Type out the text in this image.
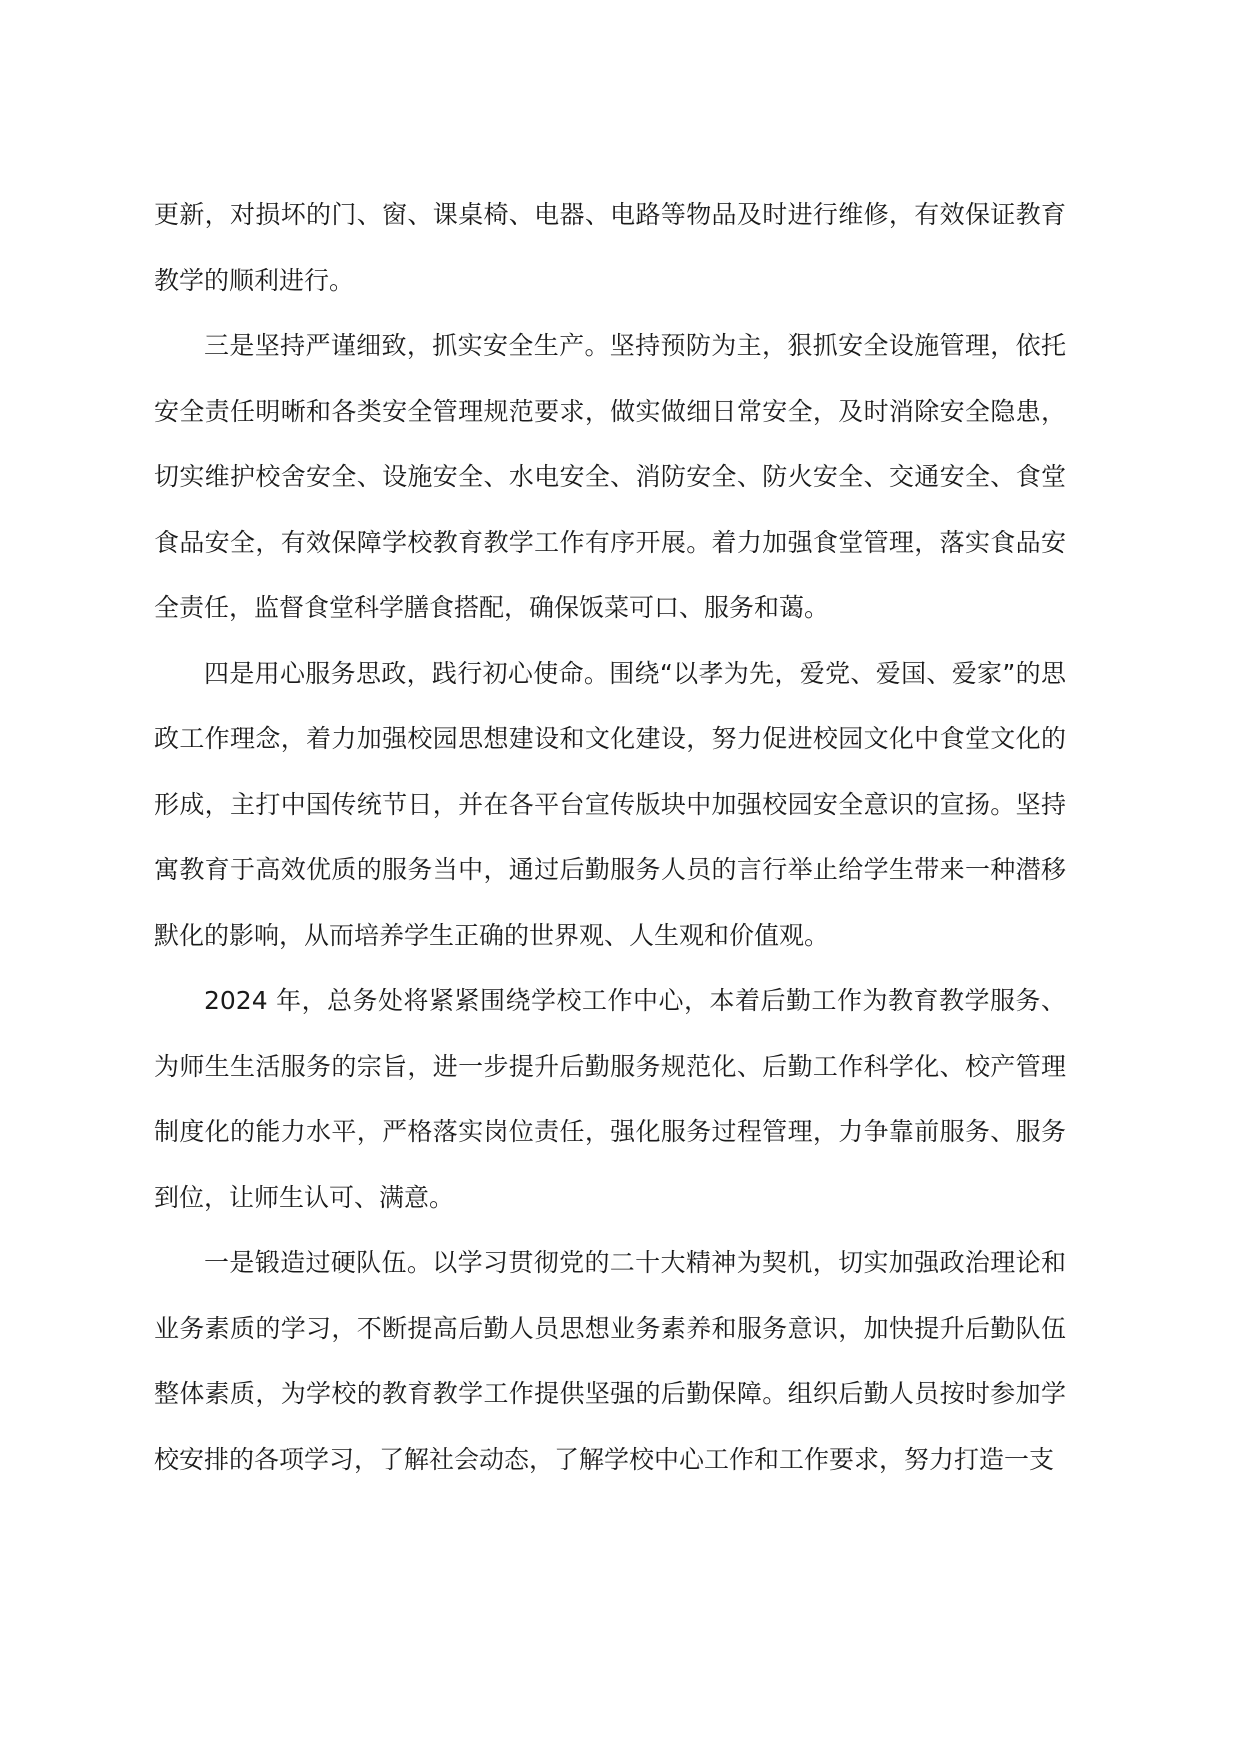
更新，对损坏的门、窗、课桌椅、电器、电路等物品及时进行维修，有效保证教育教学的顺利进行。

三是坚持严谨细致，抓实安全生产。坚持预防为主，狠抓安全设施管理，依托安全责任明晰和各类安全管理规范要求，做实做细日常安全，及时消除安全隐患，切实维护校舍安全、设施安全、水电安全、消防安全、防火安全、交通安全、食堂食品安全，有效保障学校教育教学工作有序开展。着力加强食堂管理，落实食品安全责任，监督食堂科学膳食搭配，确保饭菜可口、服务和蔼。

四是用心服务思政，践行初心使命。围绕“以孝为先，爱党、爱国、爱家”的思政工作理念，着力加强校园思想建设和文化建设，努力促进校园文化中食堂文化的形成，主打中国传统节日，并在各平台宣传版块中加强校园安全意识的宣扬。坚持寓教育于高效优质的服务当中，通过后勤服务人员的言行举止给学生带来一种潜移默化的影响，从而培养学生正确的世界观、人生观和价值观。

2024 年，总务处将紧紧围绕学校工作中心，本着后勤工作为教育教学服务、为师生生活服务的宗旨，进一步提升后勤服务规范化、后勤工作科学化、校产管理制度化的能力水平，严格落实岗位责任，强化服务过程管理，力争靠前服务、服务到位，让师生认可、满意。

一是锻造过硬队伍。以学习贯彻党的二十大精神为契机，切实加强政治理论和业务素质的学习，不断提高后勤人员思想业务素养和服务意识，加快提升后勤队伍整体素质，为学校的教育教学工作提供坚强的后勤保障。组织后勤人员按时参加学校安排的各项学习，了解社会动态，了解学校中心工作和工作要求，努力打造一支
